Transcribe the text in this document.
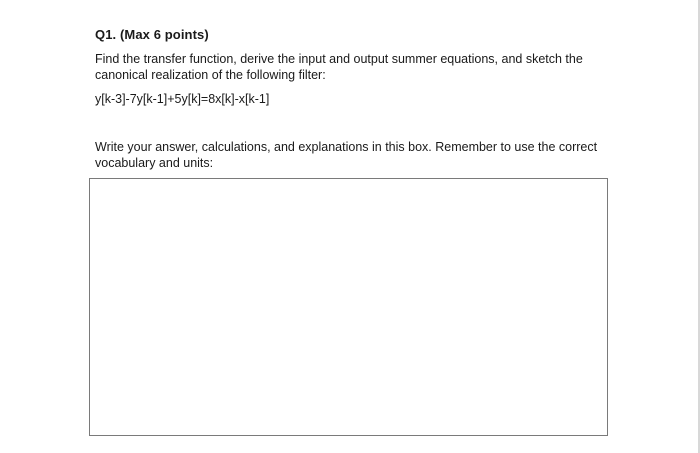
Q1. (Max 6 points)
Find the transfer function, derive the input and output summer equations, and sketch the
canonical realization of the following filter:
y[k-3]-7y[k-1]+5y[k]=8x[k]-x[k-1]
Write your answer, calculations, and explanations in this box. Remember to use the correct
vocabulary and units:
